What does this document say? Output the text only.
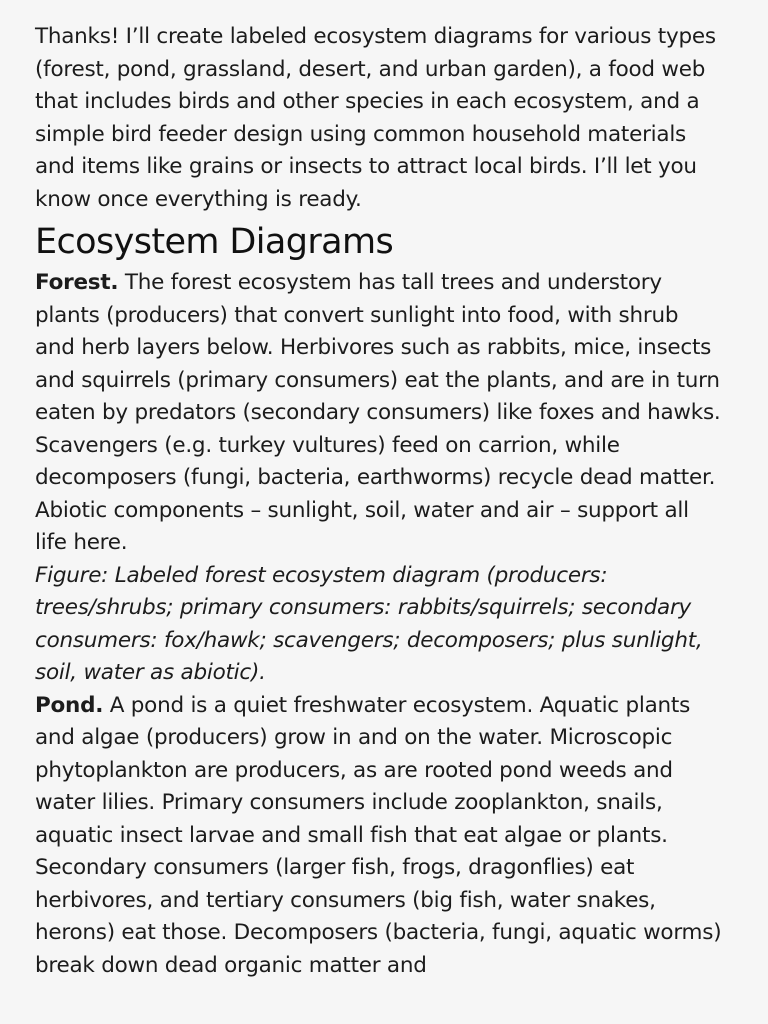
Thanks! I’ll create labeled ecosystem diagrams for various types (forest, pond, grassland, desert, and urban garden), a food web that includes birds and other species in each ecosystem, and a simple bird feeder design using common household materials and items like grains or insects to attract local birds. I’ll let you know once everything is ready.

Ecosystem Diagrams

Forest. The forest ecosystem has tall trees and understory plants (producers) that convert sunlight into food, with shrub and herb layers below. Herbivores such as rabbits, mice, insects and squirrels (primary consumers) eat the plants, and are in turn eaten by predators (secondary consumers) like foxes and hawks. Scavengers (e.g. turkey vultures) feed on carrion, while decomposers (fungi, bacteria, earthworms) recycle dead matter. Abiotic components – sunlight, soil, water and air – support all life here.

Figure: Labeled forest ecosystem diagram (producers: trees/shrubs; primary consumers: rabbits/squirrels; secondary consumers: fox/hawk; scavengers; decomposers; plus sunlight, soil, water as abiotic).

Pond. A pond is a quiet freshwater ecosystem. Aquatic plants and algae (producers) grow in and on the water. Microscopic phytoplankton are producers, as are rooted pond weeds and water lilies. Primary consumers include zooplankton, snails, aquatic insect larvae and small fish that eat algae or plants. Secondary consumers (larger fish, frogs, dragonflies) eat herbivores, and tertiary consumers (big fish, water snakes, herons) eat those. Decomposers (bacteria, fungi, aquatic worms) break down dead organic matter and
